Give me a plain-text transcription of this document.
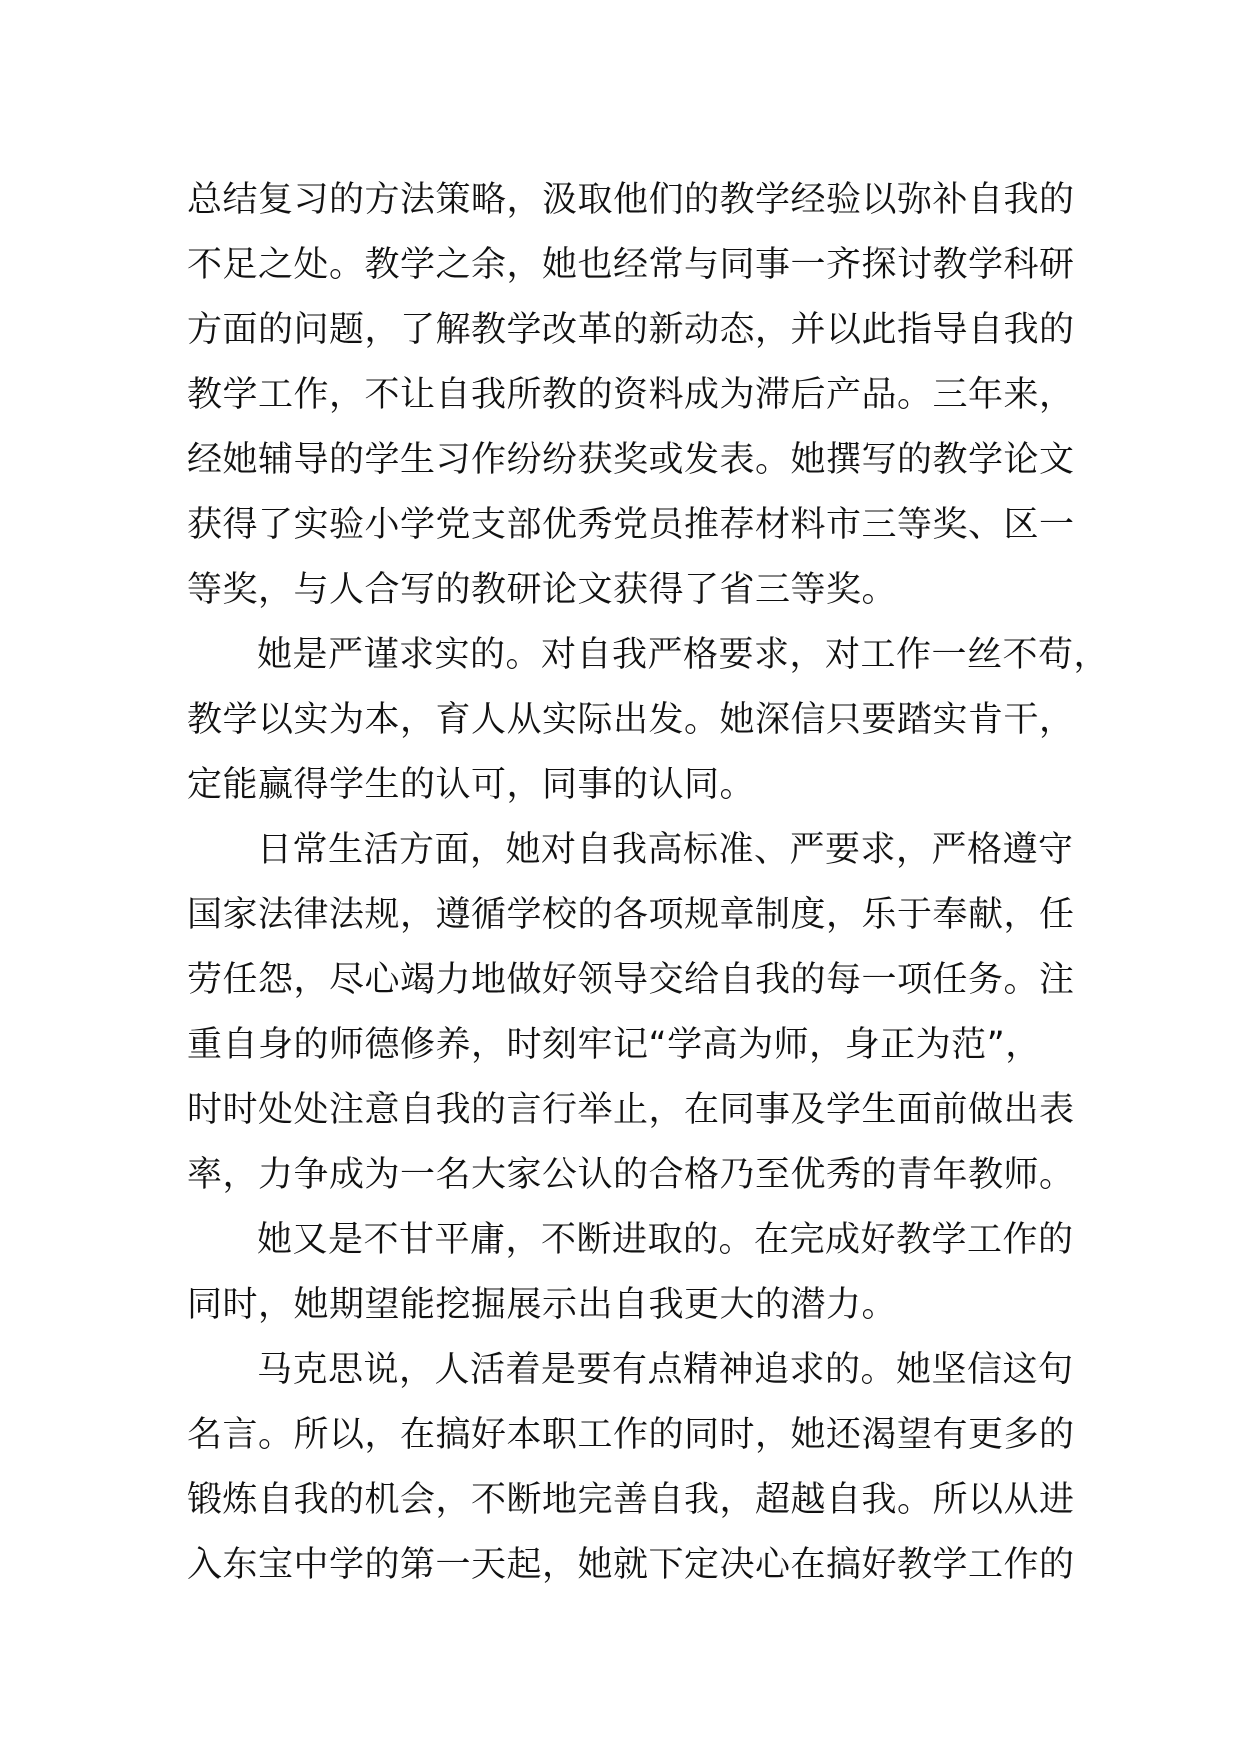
总结复习的方法策略，汲取他们的教学经验以弥补自我的
不足之处。教学之余，她也经常与同事一齐探讨教学科研
方面的问题，了解教学改革的新动态，并以此指导自我的
教学工作，不让自我所教的资料成为滞后产品。三年来，
经她辅导的学生习作纷纷获奖或发表。她撰写的教学论文
获得了实验小学党支部优秀党员推荐材料市三等奖、区一
等奖，与人合写的教研论文获得了省三等奖。
她是严谨求实的。对自我严格要求，对工作一丝不苟，
教学以实为本，育人从实际出发。她深信只要踏实肯干，
定能赢得学生的认可，同事的认同。
日常生活方面，她对自我高标准、严要求，严格遵守
国家法律法规，遵循学校的各项规章制度，乐于奉献，任
劳任怨，尽心竭力地做好领导交给自我的每一项任务。注
重自身的师德修养，时刻牢记“学高为师，身正为范”，
时时处处注意自我的言行举止，在同事及学生面前做出表
率，力争成为一名大家公认的合格乃至优秀的青年教师。
她又是不甘平庸，不断进取的。在完成好教学工作的
同时，她期望能挖掘展示出自我更大的潜力。
马克思说，人活着是要有点精神追求的。她坚信这句
名言。所以，在搞好本职工作的同时，她还渴望有更多的
锻炼自我的机会，不断地完善自我，超越自我。所以从进
入东宝中学的第一天起，她就下定决心在搞好教学工作的
